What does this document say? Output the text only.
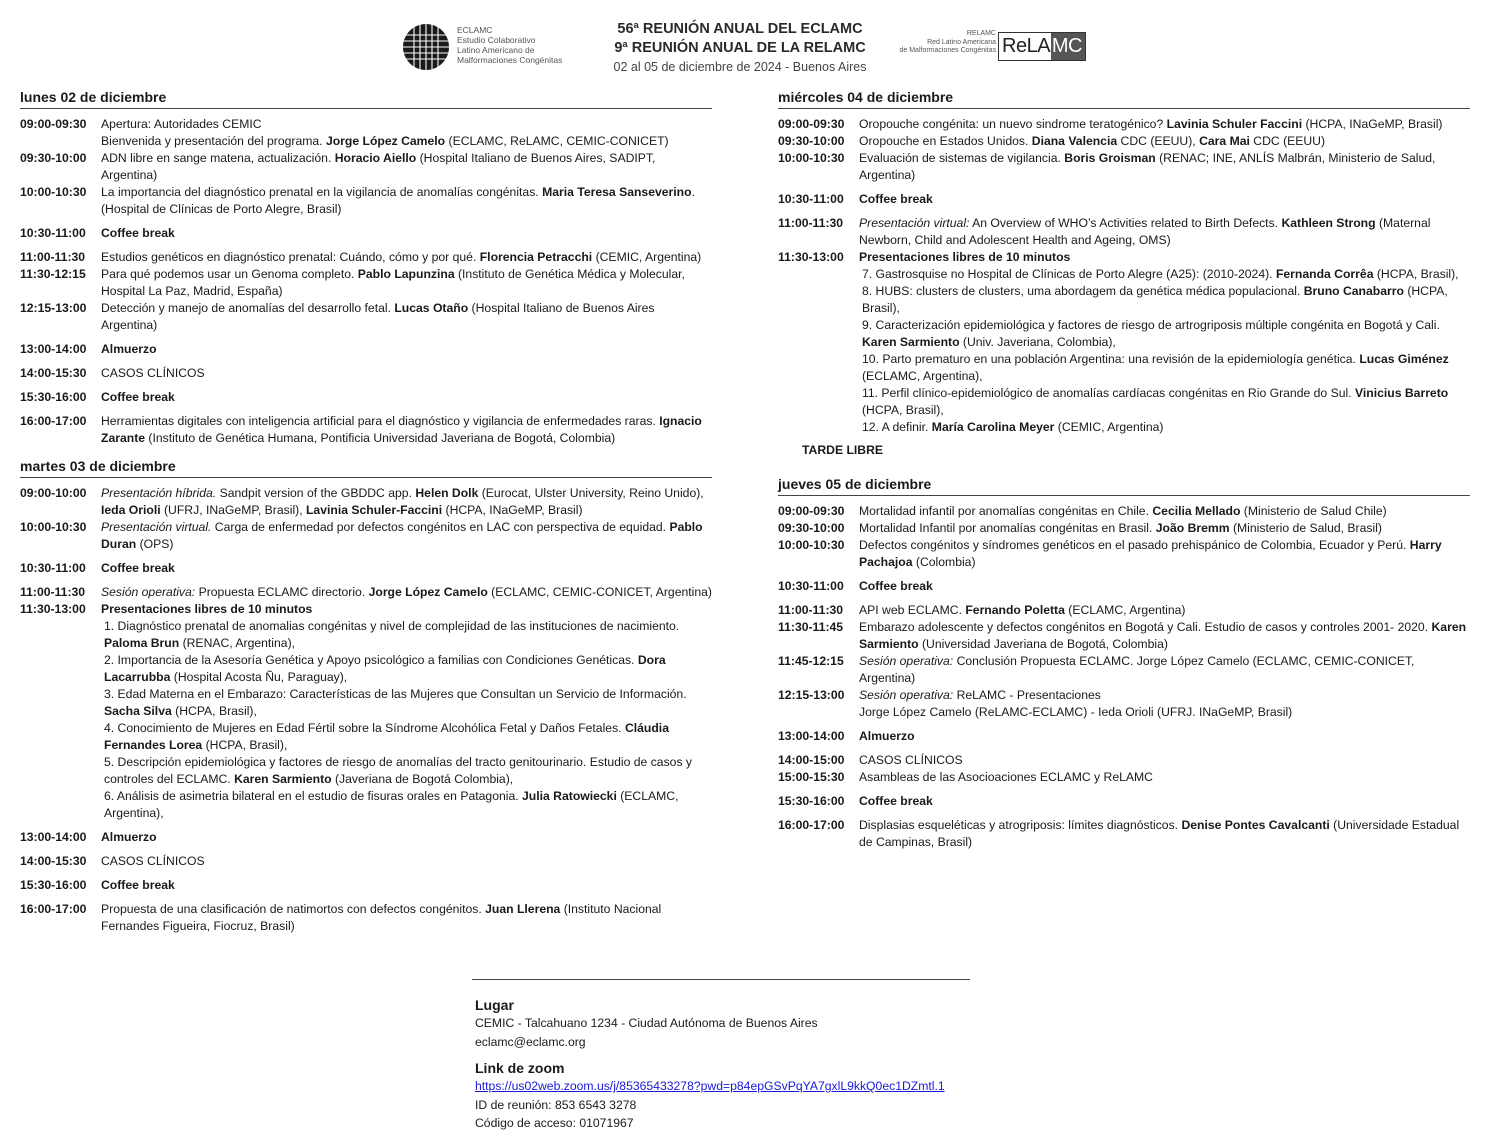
ECLAMC
Estudio Colaborativo
Latino Americano de
Malformaciones Congénitas
56ª REUNIÓN ANUAL DEL ECLAMC
9ª REUNIÓN ANUAL DE LA RELAMC
02 al 05 de diciembre de 2024 - Buenos Aires
RELAMC
Red Latino Americana
de Malformaciones Congénitas ReLA MC
lunes 02 de diciembre
09:00-09:30	Apertura: Autoridades CEMIC
Bienvenida y presentación del programa. Jorge López Camelo (ECLAMC, ReLAMC, CEMIC-CONICET)
09:30-10:00	ADN libre en sange matena, actualización. Horacio Aiello (Hospital Italiano de Buenos Aires, SADIPT, Argentina)
10:00-10:30	La importancia del diagnóstico prenatal en la vigilancia de anomalías congénitas. Maria Teresa Sanseverino. (Hospital de Clínicas de Porto Alegre, Brasil)
10:30-11:00	Coffee break
11:00-11:30	Estudios genéticos en diagnóstico prenatal: Cuándo, cómo y por qué. Florencia Petracchi (CEMIC, Argentina)
11:30-12:15	Para qué podemos usar un Genoma completo. Pablo Lapunzina (Instituto de Genética Médica y Molecular, Hospital La Paz, Madrid, España)
12:15-13:00	Detección y manejo de anomalías del desarrollo fetal. Lucas Otaño (Hospital Italiano de Buenos Aires Argentina)
13:00-14:00	Almuerzo
14:00-15:30	CASOS CLÍNICOS
15:30-16:00	Coffee break
16:00-17:00	Herramientas digitales con inteligencia artificial para el diagnóstico y vigilancia de enfermedades raras. Ignacio Zarante (Instituto de Genética Humana, Pontificia Universidad Javeriana de Bogotá, Colombia)
martes 03 de diciembre
09:00-10:00	Presentación híbrida. Sandpit version of the GBDDC app. Helen Dolk (Eurocat, Ulster University, Reino Unido), Ieda Orioli (UFRJ, INaGeMP, Brasil), Lavinia Schuler-Faccini (HCPA, INaGeMP, Brasil)
10:00-10:30	Presentación virtual. Carga de enfermedad por defectos congénitos en LAC con perspectiva de equidad. Pablo Duran (OPS)
10:30-11:00	Coffee break
11:00-11:30	Sesión operativa: Propuesta ECLAMC directorio. Jorge López Camelo (ECLAMC, CEMIC-CONICET, Argentina)
11:30-13:00	Presentaciones libres de 10 minutos
1. Diagnóstico prenatal de anomalias congénitas y nivel de complejidad de las instituciones de nacimiento. Paloma Brun (RENAC, Argentina),
2. Importancia de la Asesoría Genética y Apoyo psicológico a familias con Condiciones Genéticas. Dora Lacarrubba (Hospital Acosta Ñu, Paraguay),
3. Edad Materna en el Embarazo: Características de las Mujeres que Consultan un Servicio de Información. Sacha Silva (HCPA, Brasil),
4. Conocimiento de Mujeres en Edad Fértil sobre la Síndrome Alcohólica Fetal y Daños Fetales. Cláudia Fernandes Lorea (HCPA, Brasil),
5. Descripción epidemiológica y factores de riesgo de anomalías del tracto genitourinario. Estudio de casos y controles del ECLAMC. Karen Sarmiento (Javeriana de Bogotá Colombia),
6. Análisis de asimetria bilateral en el estudio de fisuras orales en Patagonia. Julia Ratowiecki (ECLAMC, Argentina),
13:00-14:00	Almuerzo
14:00-15:30	CASOS CLÍNICOS
15:30-16:00	Coffee break
16:00-17:00	Propuesta de una clasificación de natimortos con defectos congénitos. Juan Llerena (Instituto Nacional Fernandes Figueira, Fiocruz, Brasil)
miércoles 04 de diciembre
09:00-09:30	Oropouche congénita: un nuevo sindrome teratogénico? Lavinia Schuler Faccini (HCPA, INaGeMP, Brasil)
09:30-10:00	Oropouche en Estados Unidos. Diana Valencia CDC (EEUU), Cara Mai CDC (EEUU)
10:00-10:30	Evaluación de sistemas de vigilancia. Boris Groisman (RENAC; INE, ANLÍS Malbrán, Ministerio de Salud, Argentina)
10:30-11:00	Coffee break
11:00-11:30	Presentación virtual: An Overview of WHO’s Activities related to Birth Defects. Kathleen Strong (Maternal Newborn, Child and Adolescent Health and Ageing, OMS)
11:30-13:00	Presentaciones libres de 10 minutos
7. Gastrosquise no Hospital de Clínicas de Porto Alegre (A25): (2010-2024). Fernanda Corrêa (HCPA, Brasil),
8. HUBS: clusters de clusters, uma abordagem da genética médica populacional. Bruno Canabarro (HCPA, Brasil),
9. Caracterización epidemiológica y factores de riesgo de artrogriposis múltiple congénita en Bogotá y Cali. Karen Sarmiento (Univ. Javeriana, Colombia),
10. Parto prematuro en una población Argentina: una revisión de la epidemiología genética. Lucas Giménez (ECLAMC, Argentina),
11. Perfil clínico-epidemiológico de anomalías cardíacas congénitas en Rio Grande do Sul. Vinicius Barreto (HCPA, Brasil),
12. A definir. María Carolina Meyer (CEMIC, Argentina)
TARDE LIBRE
jueves 05 de diciembre
09:00-09:30	Mortalidad infantil por anomalías congénitas en Chile. Cecilia Mellado (Ministerio de Salud Chile)
09:30-10:00	Mortalidad Infantil por anomalías congénitas en Brasil. João Bremm (Ministerio de Salud, Brasil)
10:00-10:30	Defectos congénitos y síndromes genéticos en el pasado prehispánico de Colombia, Ecuador y Perú. Harry Pachajoa (Colombia)
10:30-11:00	Coffee break
11:00-11:30	API web ECLAMC. Fernando Poletta (ECLAMC, Argentina)
11:30-11:45	Embarazo adolescente y defectos congénitos en Bogotá y Cali. Estudio de casos y controles 2001- 2020. Karen Sarmiento (Universidad Javeriana de Bogotá, Colombia)
11:45-12:15	Sesión operativa: Conclusión Propuesta ECLAMC. Jorge López Camelo (ECLAMC, CEMIC-CONICET, Argentina)
12:15-13:00	Sesión operativa: ReLAMC - Presentaciones
Jorge López Camelo (ReLAMC-ECLAMC) - Ieda Orioli (UFRJ. INaGeMP, Brasil)
13:00-14:00	Almuerzo
14:00-15:00	CASOS CLÍNICOS
15:00-15:30	Asambleas de las Asocioaciones ECLAMC y ReLAMC
15:30-16:00	Coffee break
16:00-17:00	Displasias esqueléticas y atrogriposis: límites diagnósticos. Denise Pontes Cavalcanti (Universidade Estadual de Campinas, Brasil)
Lugar
CEMIC - Talcahuano 1234 - Ciudad Autónoma de Buenos Aires
eclamc@eclamc.org
Link de zoom
https://us02web.zoom.us/j/85365433278?pwd=p84epGSvPqYA7gxlL9kkQ0ec1DZmtl.1
ID de reunión: 853 6543 3278
Código de acceso: 01071967
